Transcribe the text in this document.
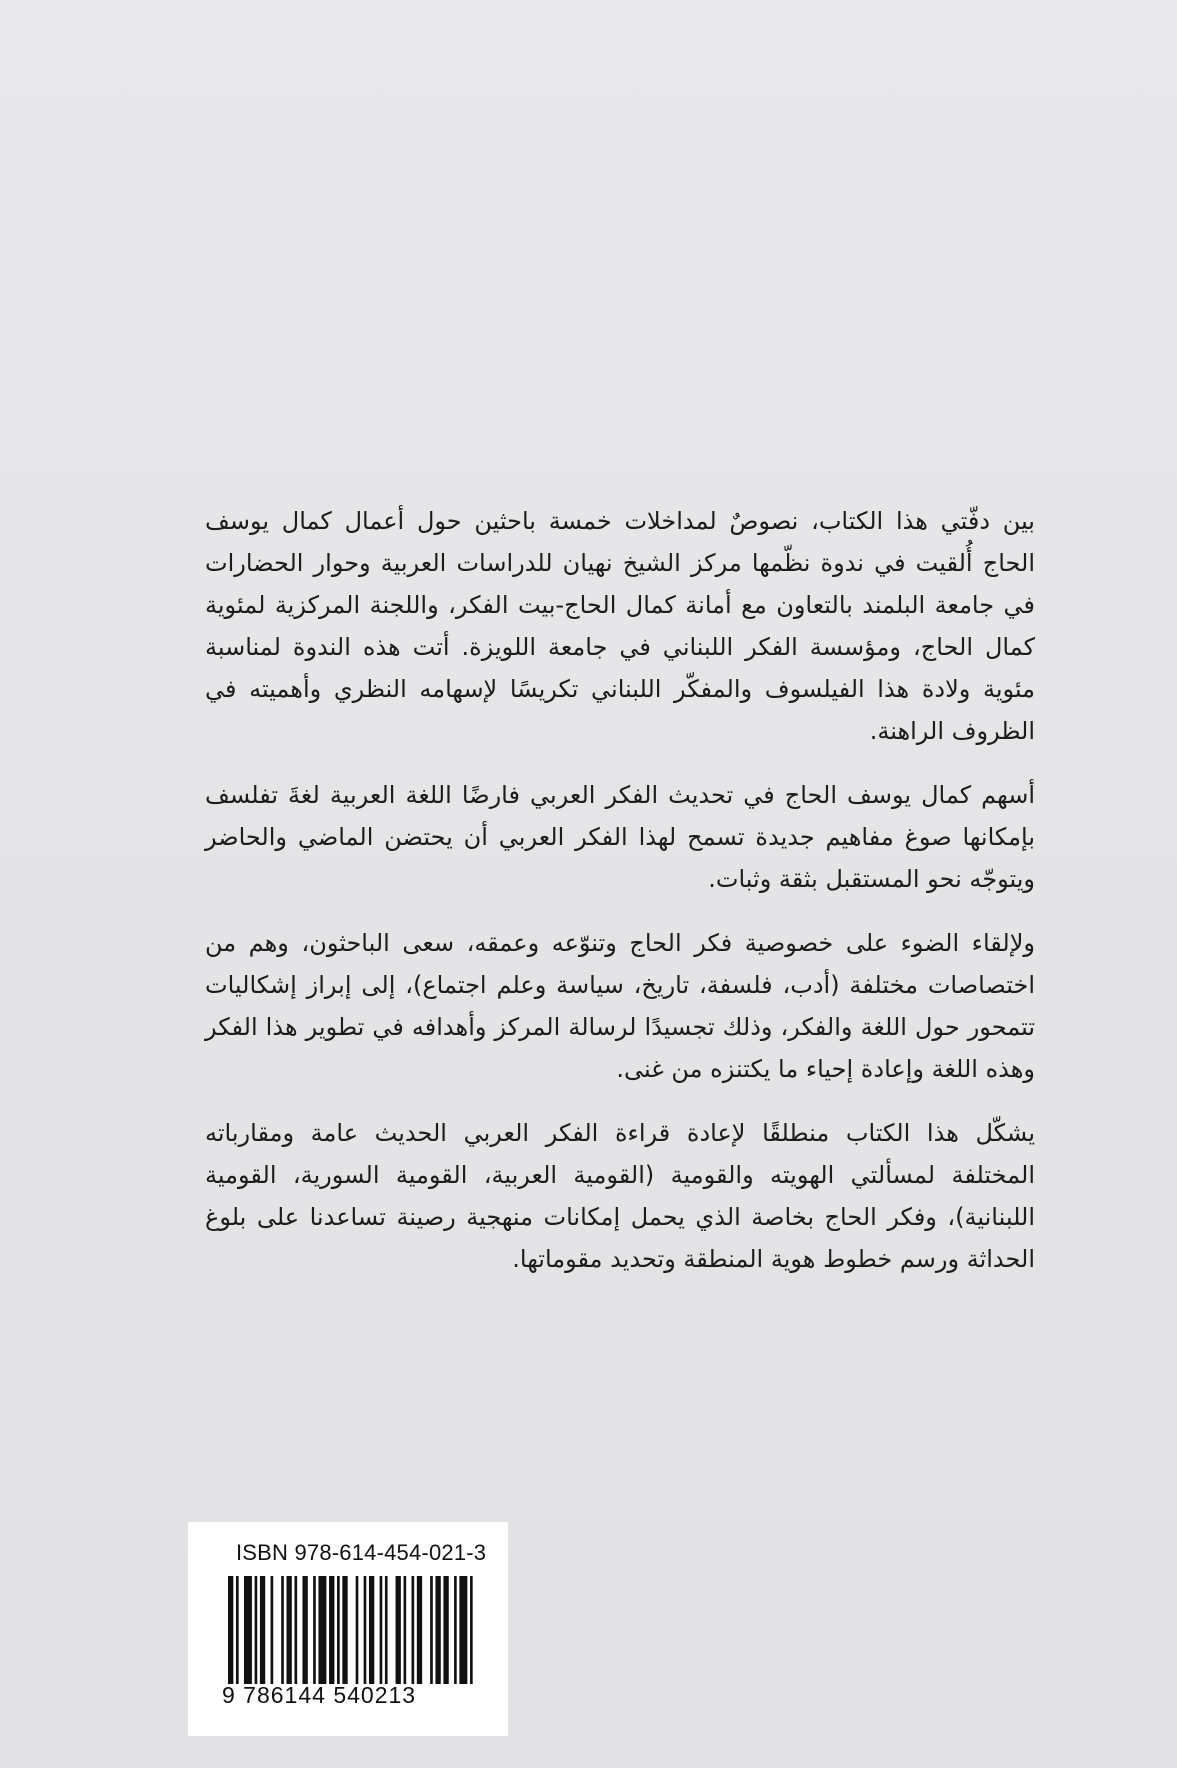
بين دفّتي هذا الكتاب، نصوصٌ لمداخلات خمسة باحثين حول أعمال كمال يوسف الحاج أُلقيت في ندوة نظّمها مركز الشيخ نهيان للدراسات العربية وحوار الحضارات في جامعة البلمند بالتعاون مع أمانة كمال الحاج-بيت الفكر، واللجنة المركزية لمئوية كمال الحاج، ومؤسسة الفكر اللبناني في جامعة اللويزة. أتت هذه الندوة لمناسبة مئوية ولادة هذا الفيلسوف والمفكّر اللبناني تكريسًا لإسهامه النظري وأهميته في الظروف الراهنة.

أسهم كمال يوسف الحاج في تحديث الفكر العربي فارضًا اللغة العربية لغةَ تفلسف بإمكانها صوغ مفاهيم جديدة تسمح لهذا الفكر العربي أن يحتضن الماضي والحاضر ويتوجّه نحو المستقبل بثقة وثبات.

ولإلقاء الضوء على خصوصية فكر الحاج وتنوّعه وعمقه، سعى الباحثون، وهم من اختصاصات مختلفة (أدب، فلسفة، تاريخ، سياسة وعلم اجتماع)، إلى إبراز إشكاليات تتمحور حول اللغة والفكر، وذلك تجسيدًا لرسالة المركز وأهدافه في تطوير هذا الفكر وهذه اللغة وإعادة إحياء ما يكتنزه من غنى.

يشكّل هذا الكتاب منطلقًا لإعادة قراءة الفكر العربي الحديث عامة ومقارباته المختلفة لمسألتي الهويته والقومية (القومية العربية، القومية السورية، القومية اللبنانية)، وفكر الحاج بخاصة الذي يحمل إمكانات منهجية رصينة تساعدنا على بلوغ الحداثة ورسم خطوط هوية المنطقة وتحديد مقوماتها.

ISBN 978-614-454-021-3
9 786144 540213
